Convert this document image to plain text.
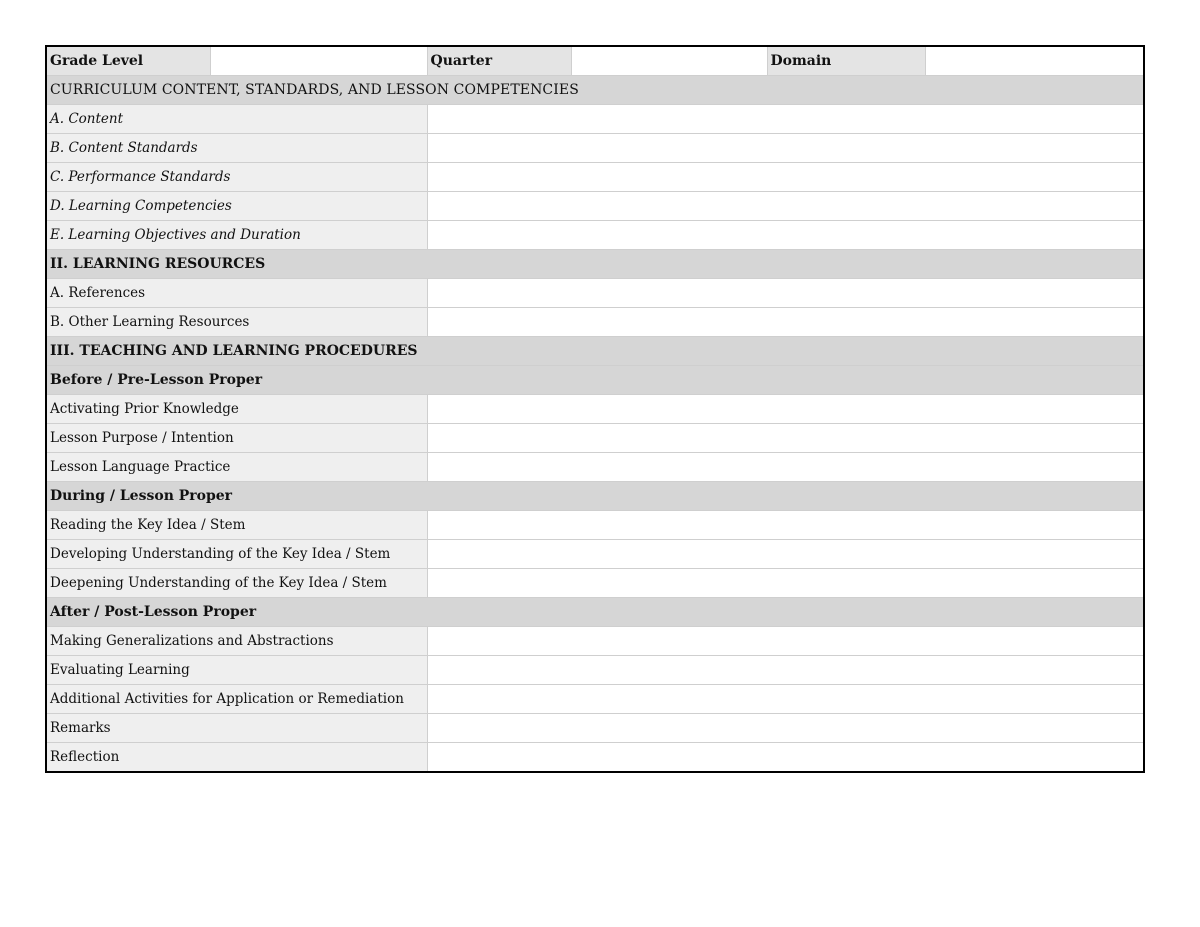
Grade Level		Quarter		Domain	
CURRICULUM CONTENT, STANDARDS, AND LESSON COMPETENCIES					
A. Content					
B. Content Standards					
C. Performance Standards					
D. Learning Competencies					
E. Learning Objectives and Duration					
II. LEARNING RESOURCES					
A. References					
B. Other Learning Resources					
III. TEACHING AND LEARNING PROCEDURES					
Before / Pre-Lesson Proper					
Activating Prior Knowledge					
Lesson Purpose / Intention					
Lesson Language Practice					
During / Lesson Proper					
Reading the Key Idea / Stem					
Developing Understanding of the Key Idea / Stem					
Deepening Understanding of the Key Idea / Stem					
After / Post-Lesson Proper					
Making Generalizations and Abstractions					
Evaluating Learning					
Additional Activities for Application or Remediation					
Remarks					
Reflection					
